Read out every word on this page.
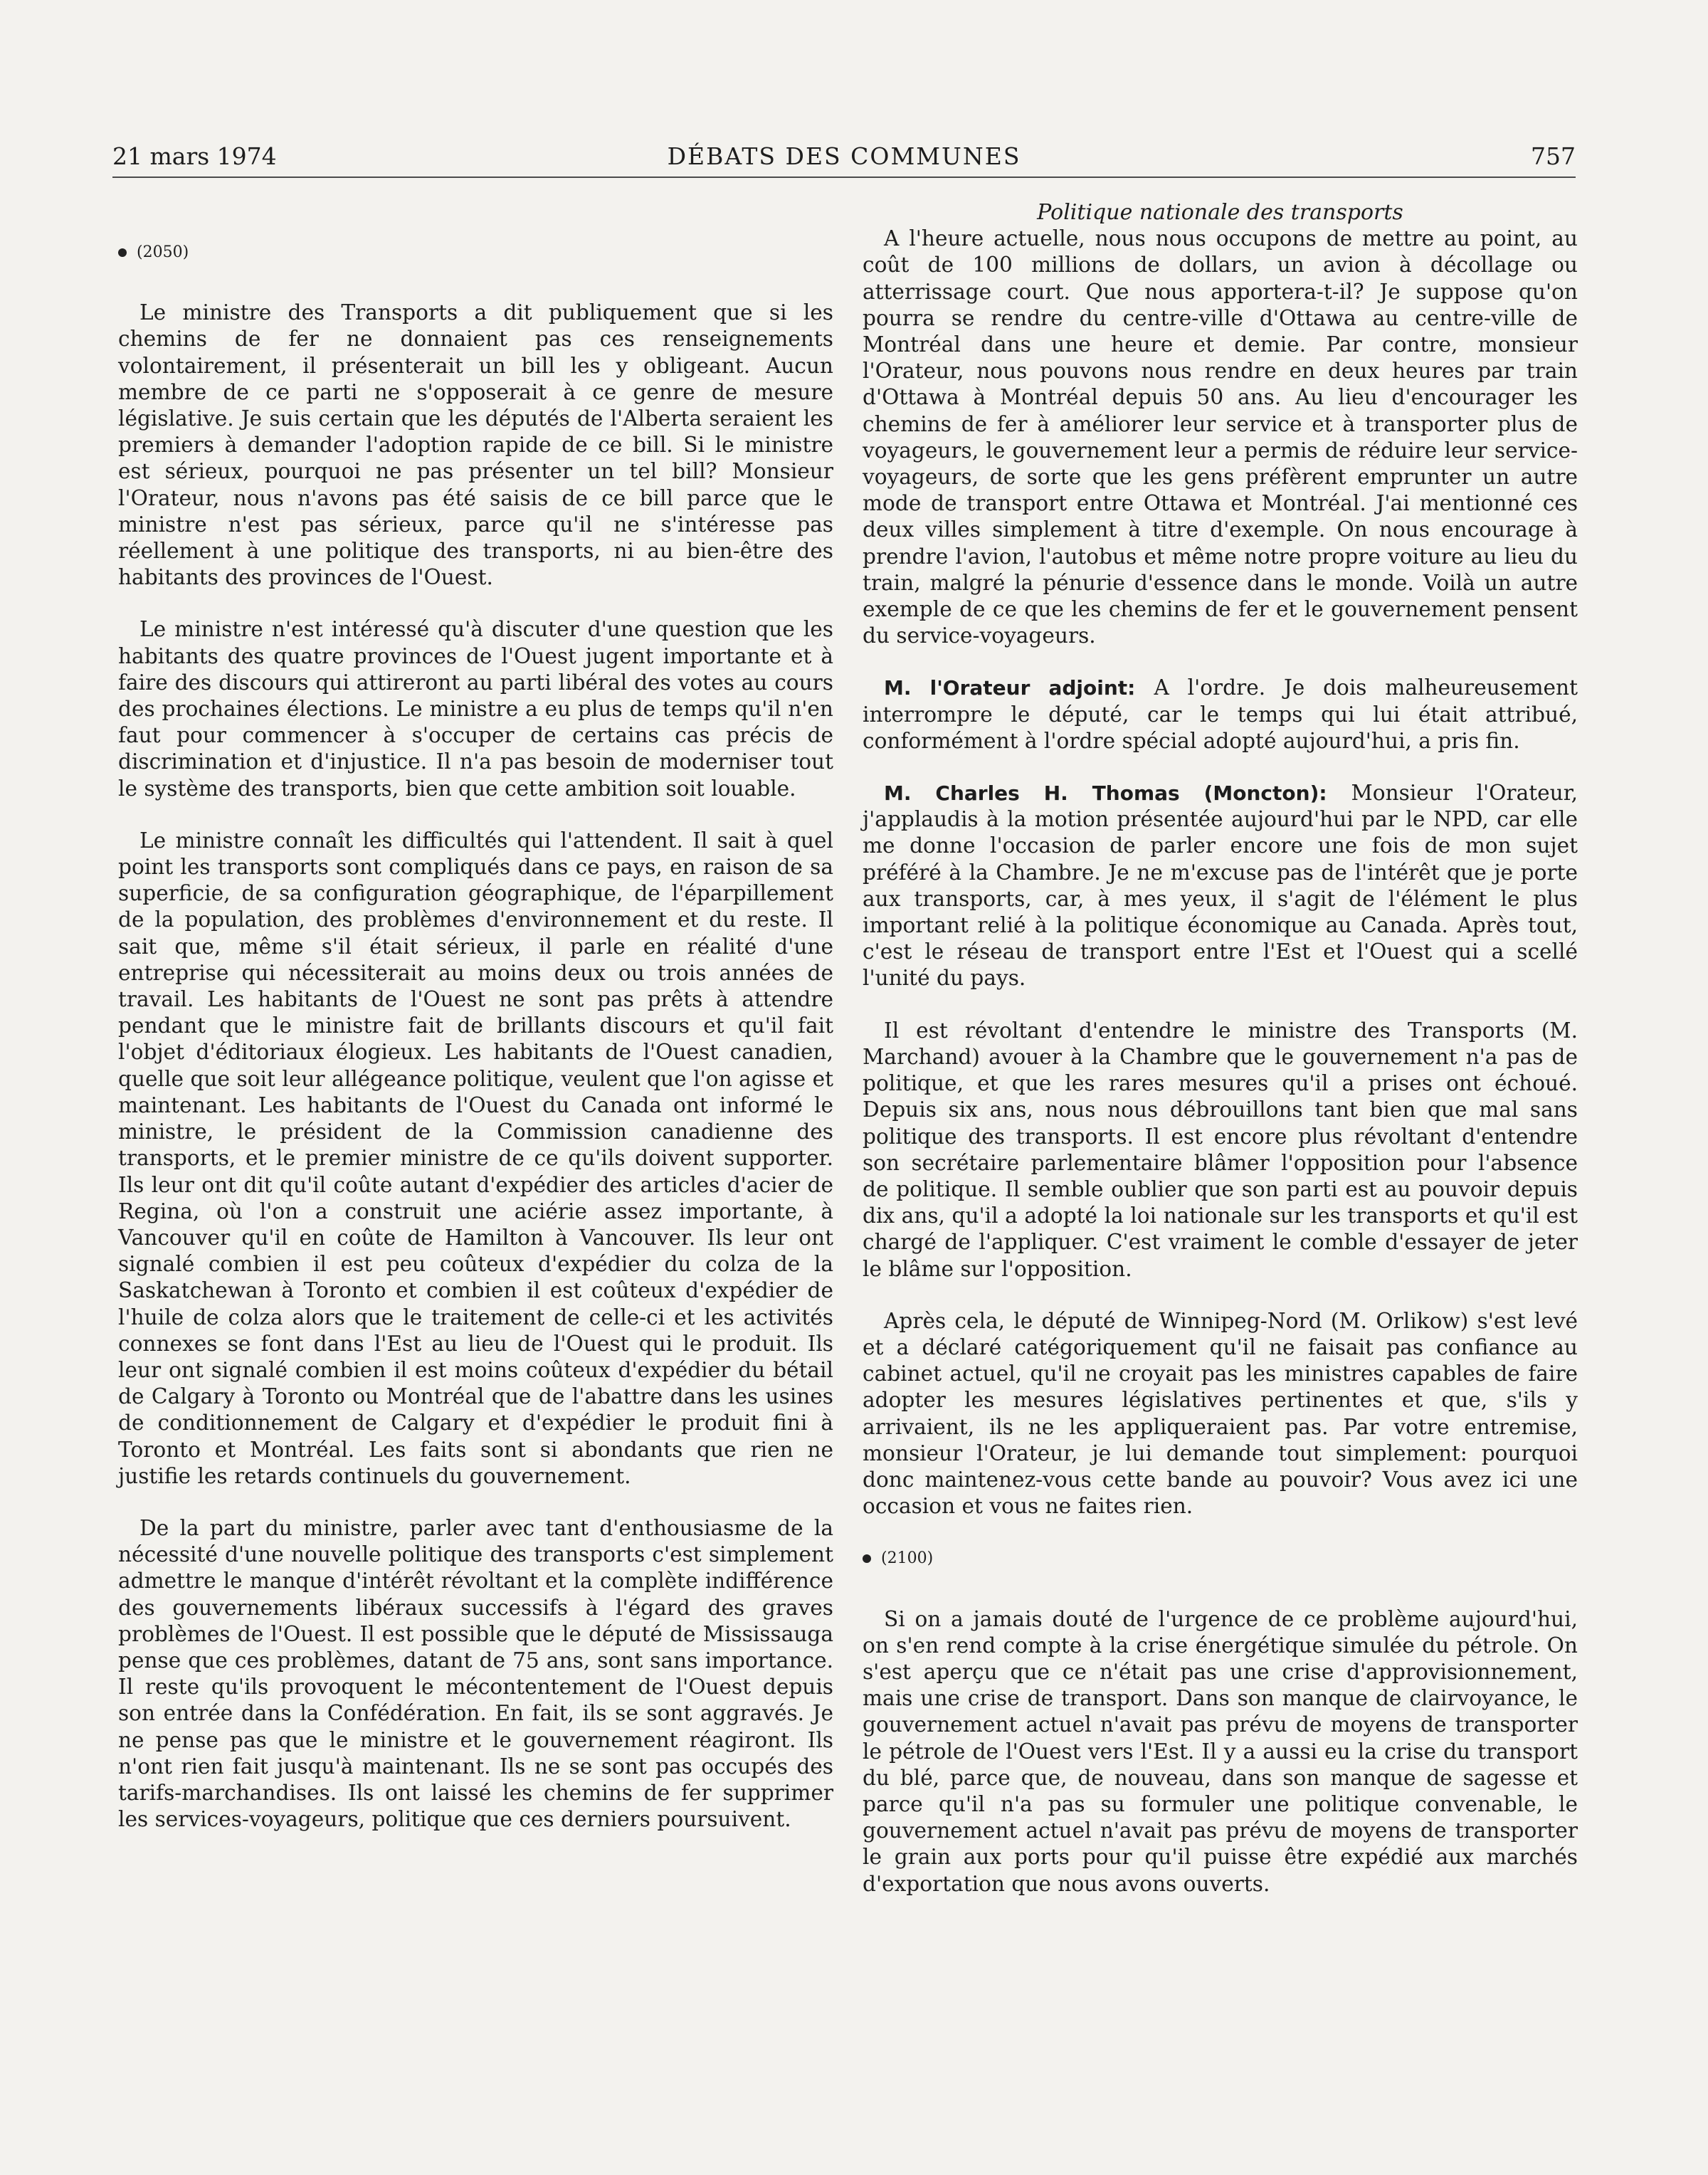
21 mars 1974	DÉBATS DES COMMUNES	757
(2050)

Le ministre des Transports a dit publiquement que si les chemins de fer ne donnaient pas ces renseignements volontairement, il présenterait un bill les y obligeant. Aucun membre de ce parti ne s'opposerait à ce genre de mesure législative. Je suis certain que les députés de l'Alberta seraient les premiers à demander l'adoption rapide de ce bill. Si le ministre est sérieux, pourquoi ne pas présenter un tel bill? Monsieur l'Orateur, nous n'avons pas été saisis de ce bill parce que le ministre n'est pas sérieux, parce qu'il ne s'intéresse pas réellement à une politique des transports, ni au bien-être des habitants des provinces de l'Ouest.

Le ministre n'est intéressé qu'à discuter d'une question que les habitants des quatre provinces de l'Ouest jugent importante et à faire des discours qui attireront au parti libéral des votes au cours des prochaines élections. Le ministre a eu plus de temps qu'il n'en faut pour commencer à s'occuper de certains cas précis de discrimination et d'injustice. Il n'a pas besoin de moderniser tout le système des transports, bien que cette ambition soit louable.

Le ministre connaît les difficultés qui l'attendent. Il sait à quel point les transports sont compliqués dans ce pays, en raison de sa superficie, de sa configuration géographique, de l'éparpillement de la population, des problèmes d'environnement et du reste. Il sait que, même s'il était sérieux, il parle en réalité d'une entreprise qui nécessiterait au moins deux ou trois années de travail. Les habitants de l'Ouest ne sont pas prêts à attendre pendant que le ministre fait de brillants discours et qu'il fait l'objet d'éditoriaux élogieux. Les habitants de l'Ouest canadien, quelle que soit leur allégeance politique, veulent que l'on agisse et maintenant. Les habitants de l'Ouest du Canada ont informé le ministre, le président de la Commission canadienne des transports, et le premier ministre de ce qu'ils doivent supporter. Ils leur ont dit qu'il coûte autant d'expédier des articles d'acier de Regina, où l'on a construit une aciérie assez importante, à Vancouver qu'il en coûte de Hamilton à Vancouver. Ils leur ont signalé combien il est peu coûteux d'expédier du colza de la Saskatchewan à Toronto et combien il est coûteux d'expédier de l'huile de colza alors que le traitement de celle-ci et les activités connexes se font dans l'Est au lieu de l'Ouest qui le produit. Ils leur ont signalé combien il est moins coûteux d'expédier du bétail de Calgary à Toronto ou Montréal que de l'abattre dans les usines de conditionnement de Calgary et d'expédier le produit fini à Toronto et Montréal. Les faits sont si abondants que rien ne justifie les retards continuels du gouvernement.

De la part du ministre, parler avec tant d'enthousiasme de la nécessité d'une nouvelle politique des transports c'est simplement admettre le manque d'intérêt révoltant et la complète indifférence des gouvernements libéraux successifs à l'égard des graves problèmes de l'Ouest. Il est possible que le député de Mississauga pense que ces problèmes, datant de 75 ans, sont sans importance. Il reste qu'ils provoquent le mécontentement de l'Ouest depuis son entrée dans la Confédération. En fait, ils se sont aggravés. Je ne pense pas que le ministre et le gouvernement réagiront. Ils n'ont rien fait jusqu'à maintenant. Ils ne se sont pas occupés des tarifs-marchandises. Ils ont laissé les chemins de fer supprimer les services-voyageurs, politique que ces derniers poursuivent.

Politique nationale des transports

A l'heure actuelle, nous nous occupons de mettre au point, au coût de 100 millions de dollars, un avion à décollage ou atterrissage court. Que nous apportera-t-il? Je suppose qu'on pourra se rendre du centre-ville d'Ottawa au centre-ville de Montréal dans une heure et demie. Par contre, monsieur l'Orateur, nous pouvons nous rendre en deux heures par train d'Ottawa à Montréal depuis 50 ans. Au lieu d'encourager les chemins de fer à améliorer leur service et à transporter plus de voyageurs, le gouvernement leur a permis de réduire leur service-voyageurs, de sorte que les gens préfèrent emprunter un autre mode de transport entre Ottawa et Montréal. J'ai mentionné ces deux villes simplement à titre d'exemple. On nous encourage à prendre l'avion, l'autobus et même notre propre voiture au lieu du train, malgré la pénurie d'essence dans le monde. Voilà un autre exemple de ce que les chemins de fer et le gouvernement pensent du service-voyageurs.

M. l'Orateur adjoint: A l'ordre. Je dois malheureusement interrompre le député, car le temps qui lui était attribué, conformément à l'ordre spécial adopté aujourd'hui, a pris fin.

M. Charles H. Thomas (Moncton): Monsieur l'Orateur, j'applaudis à la motion présentée aujourd'hui par le NPD, car elle me donne l'occasion de parler encore une fois de mon sujet préféré à la Chambre. Je ne m'excuse pas de l'intérêt que je porte aux transports, car, à mes yeux, il s'agit de l'élément le plus important relié à la politique économique au Canada. Après tout, c'est le réseau de transport entre l'Est et l'Ouest qui a scellé l'unité du pays.

Il est révoltant d'entendre le ministre des Transports (M. Marchand) avouer à la Chambre que le gouvernement n'a pas de politique, et que les rares mesures qu'il a prises ont échoué. Depuis six ans, nous nous débrouillons tant bien que mal sans politique des transports. Il est encore plus révoltant d'entendre son secrétaire parlementaire blâmer l'opposition pour l'absence de politique. Il semble oublier que son parti est au pouvoir depuis dix ans, qu'il a adopté la loi nationale sur les transports et qu'il est chargé de l'appliquer. C'est vraiment le comble d'essayer de jeter le blâme sur l'opposition.

Après cela, le député de Winnipeg-Nord (M. Orlikow) s'est levé et a déclaré catégoriquement qu'il ne faisait pas confiance au cabinet actuel, qu'il ne croyait pas les ministres capables de faire adopter les mesures législatives pertinentes et que, s'ils y arrivaient, ils ne les appliqueraient pas. Par votre entremise, monsieur l'Orateur, je lui demande tout simplement: pourquoi donc maintenez-vous cette bande au pouvoir? Vous avez ici une occasion et vous ne faites rien.

(2100)

Si on a jamais douté de l'urgence de ce problème aujourd'hui, on s'en rend compte à la crise énergétique simulée du pétrole. On s'est aperçu que ce n'était pas une crise d'approvisionnement, mais une crise de transport. Dans son manque de clairvoyance, le gouvernement actuel n'avait pas prévu de moyens de transporter le pétrole de l'Ouest vers l'Est. Il y a aussi eu la crise du transport du blé, parce que, de nouveau, dans son manque de sagesse et parce qu'il n'a pas su formuler une politique convenable, le gouvernement actuel n'avait pas prévu de moyens de transporter le grain aux ports pour qu'il puisse être expédié aux marchés d'exportation que nous avons ouverts.
